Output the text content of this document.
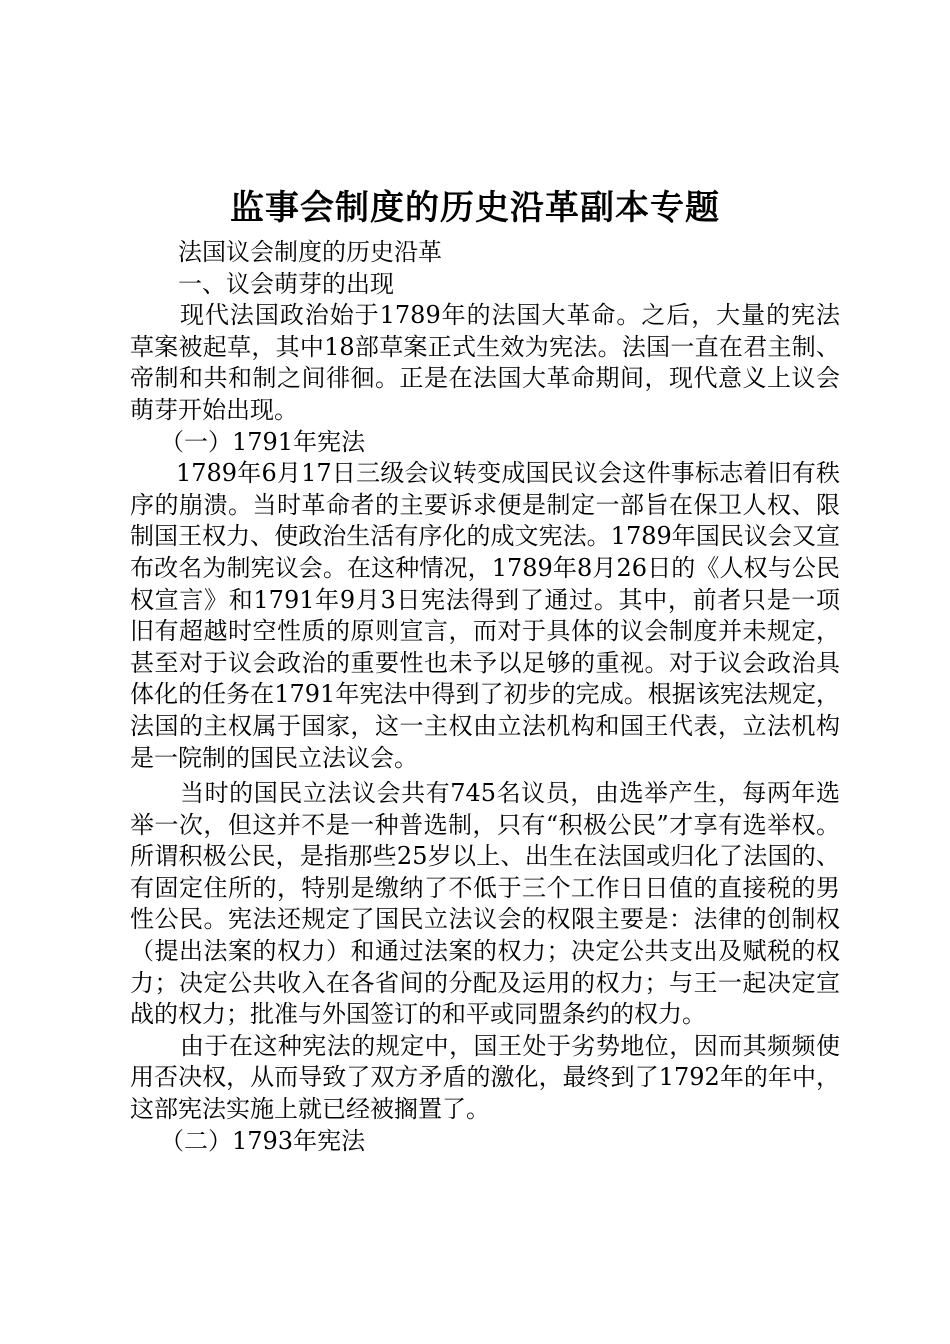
监事会制度的历史沿革副本专题

法国议会制度的历史沿革

一、议会萌芽的出现

现代法国政治始于1789年的法国大革命。之后，大量的宪法草案被起草，其中18部草案正式生效为宪法。法国一直在君主制、帝制和共和制之间徘徊。正是在法国大革命期间，现代意义上议会萌芽开始出现。

（一）1791年宪法

1789年6月17日三级会议转变成国民议会这件事标志着旧有秩序的崩溃。当时革命者的主要诉求便是制定一部旨在保卫人权、限制国王权力、使政治生活有序化的成文宪法。1789年国民议会又宣布改名为制宪议会。在这种情况，1789年8月26日的《人权与公民权宣言》和1791年9月3日宪法得到了通过。其中，前者只是一项旧有超越时空性质的原则宣言，而对于具体的议会制度并未规定，甚至对于议会政治的重要性也未予以足够的重视。对于议会政治具体化的任务在1791年宪法中得到了初步的完成。根据该宪法规定，法国的主权属于国家，这一主权由立法机构和国王代表，立法机构是一院制的国民立法议会。

当时的国民立法议会共有745名议员，由选举产生，每两年选举一次，但这并不是一种普选制，只有“积极公民”才享有选举权。所谓积极公民，是指那些25岁以上、出生在法国或归化了法国的、有固定住所的，特别是缴纳了不低于三个工作日日值的直接税的男性公民。宪法还规定了国民立法议会的权限主要是：法律的创制权（提出法案的权力）和通过法案的权力；决定公共支出及赋税的权力；决定公共收入在各省间的分配及运用的权力；与王一起决定宣战的权力；批准与外国签订的和平或同盟条约的权力。

由于在这种宪法的规定中，国王处于劣势地位，因而其频频使用否决权，从而导致了双方矛盾的激化，最终到了1792年的年中，这部宪法实施上就已经被搁置了。

（二）1793年宪法
